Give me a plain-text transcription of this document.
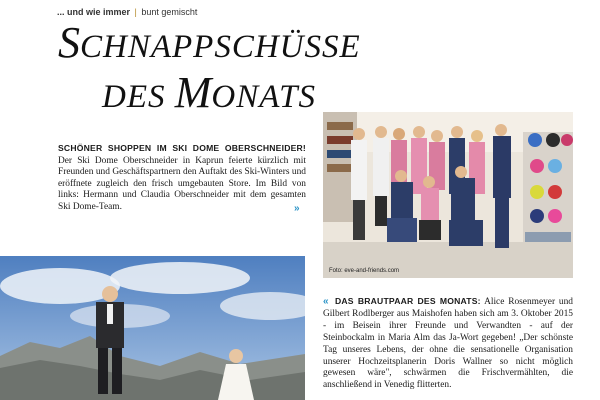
... und wie immer | bunt gemischt
SCHNAPPSCHÜSSE
DES MONATS

SCHÖNER SHOPPEN IM SKI DOME OBERSCHNEIDER! Der Ski Dome Oberschneider in Kaprun feierte kürzlich mit Freunden und Geschäftspartnern den Auftakt des Ski-Winters und eröffnete zugleich den frisch umgebauten Store. Im Bild von links: Hermann und Claudia Oberschneider mit dem gesamten Ski Dome-Team.	»
Foto: eve-and-friends.com
« DAS BRAUTPAAR DES MONATS: Alice Rosenmeyer und Gilbert Rodlberger aus Maishofen haben sich am 3. Oktober 2015 - im Beisein ihrer Freunde und Verwandten - auf der Steinbockalm in Maria Alm das Ja-Wort gegeben! „Der schönste Tag unseres Lebens, der ohne die sensationelle Organisation unserer Hochzeitsplanerin Doris Wallner so nicht möglich gewesen wäre", schwärmen die Frischvermählten, die anschließend in Venedig flitterten.
